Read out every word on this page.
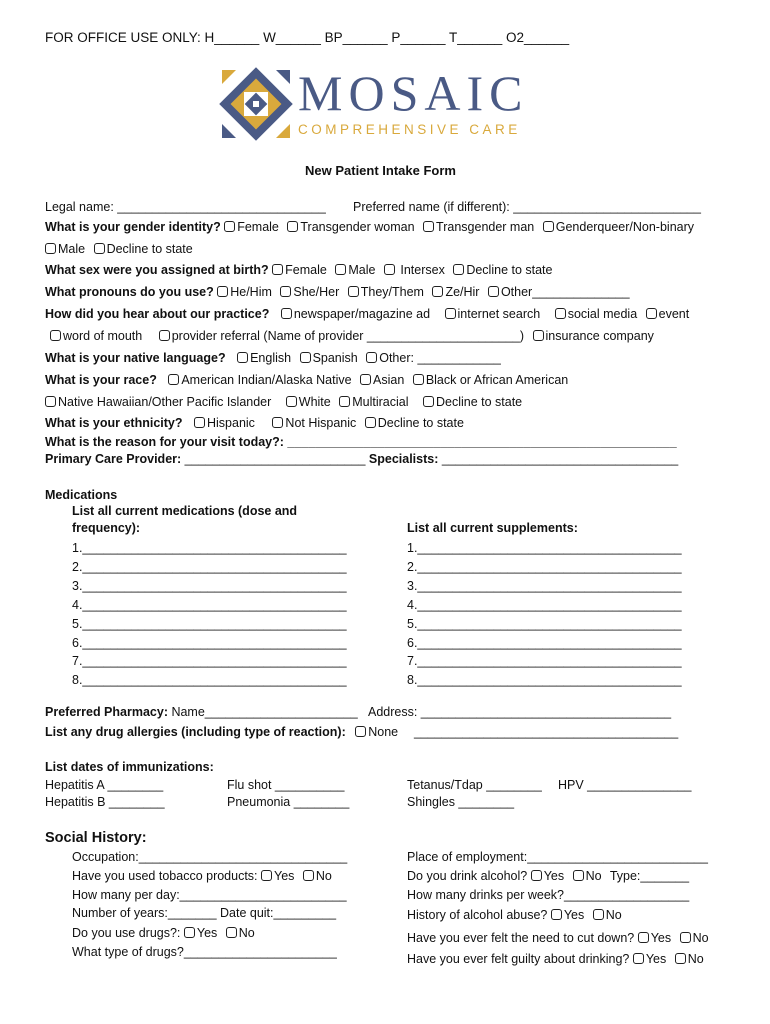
FOR OFFICE USE ONLY: H______ W______ BP______ P______ T______ O2______
MOSAIC
COMPREHENSIVE CARE
New Patient Intake Form
Legal name: ______________________________ Preferred name (if different): ___________________________
What is your gender identity? Female Transgender woman Transgender man Genderqueer/Non-binary
Male Decline to state
What sex were you assigned at birth? Female Male  Intersex Decline to state
What pronouns do you use? He/Him She/Her They/Them Ze/Hir Other______________
How did you hear about our practice? newspaper/magazine ad internet search social media event
word of mouth provider referral (Name of provider ______________________) insurance company
What is your native language? English Spanish Other: ____________
What is your race? American Indian/Alaska Native Asian Black or African American
Native Hawaiian/Other Pacific Islander White Multiracial Decline to state
What is your ethnicity? Hispanic Not Hispanic Decline to state
What is the reason for your visit today?: ________________________________________________________
Primary Care Provider: __________________________ Specialists: __________________________________
Medications
List all current medications (dose and
frequency):	List all current supplements:
1.______________________________________
2.______________________________________
3.______________________________________
4.______________________________________
5.______________________________________
6.______________________________________
7.______________________________________
8.______________________________________
1.______________________________________
2.______________________________________
3.______________________________________
4.______________________________________
5.______________________________________
6.______________________________________
7.______________________________________
8.______________________________________
Preferred Pharmacy: Name______________________ Address: ____________________________________
List any drug allergies (including type of reaction): None ______________________________________
List dates of immunizations:
Hepatitis A ________
Hepatitis B ________
Flu shot __________
Pneumonia ________
Tetanus/Tdap ________
Shingles ________
HPV _______________
Social History:
Occupation:______________________________
Have you used tobacco products: Yes No
How many per day:________________________
Number of years:_______ Date quit:_________
Do you use drugs?: Yes No
What type of drugs?______________________
Place of employment:__________________________
Do you drink alcohol? Yes No Type:_______
How many drinks per week?__________________
History of alcohol abuse? Yes No
Have you ever felt the need to cut down? Yes No
Have you ever felt guilty about drinking? Yes No
